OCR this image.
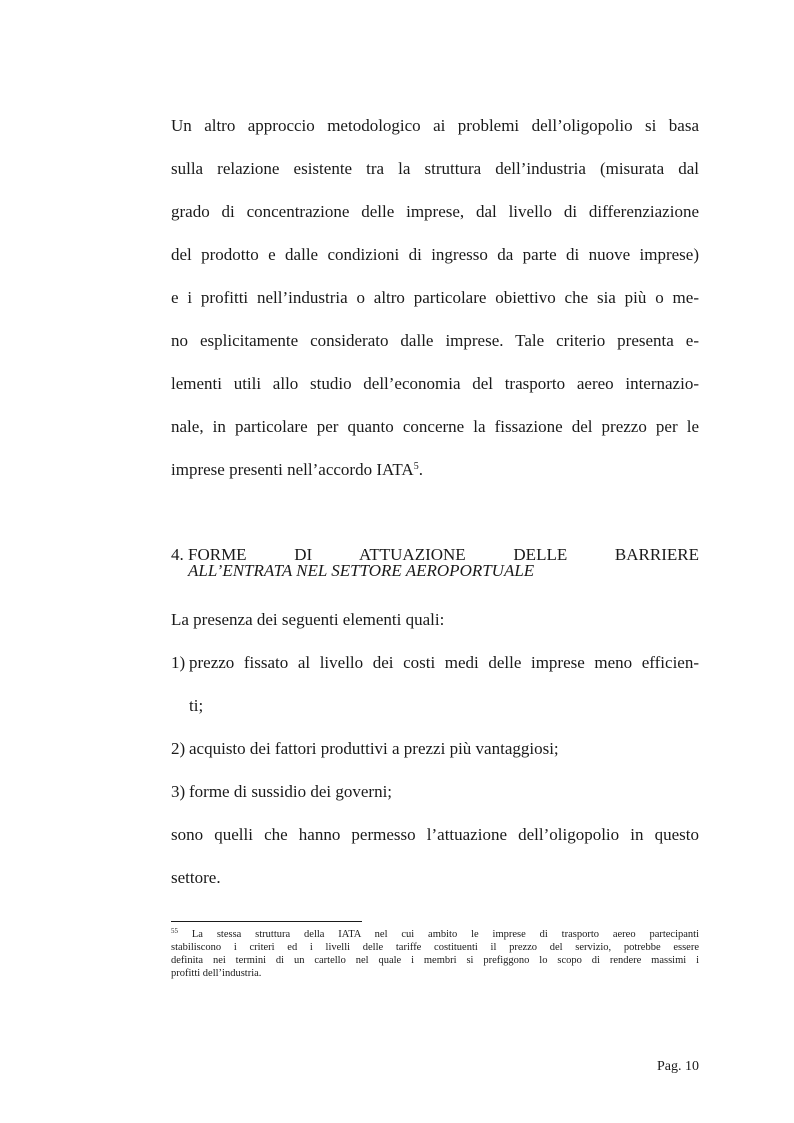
Un altro approccio metodologico ai problemi dell’oligopolio si basa
sulla relazione esistente tra la struttura dell’industria (misurata dal
grado di concentrazione delle imprese, dal livello di differenziazione
del prodotto e dalle condizioni di ingresso da parte di nuove imprese)
e i profitti nell’industria o altro particolare obiettivo che sia più o me-
no esplicitamente considerato dalle imprese. Tale criterio presenta e-
lementi utili allo studio dell’economia del trasporto aereo internazio-
nale, in particolare per quanto concerne la fissazione del prezzo per le
imprese presenti nell’accordo IATA$^5$.
4. FORME DI ATTUAZIONE DELLE BARRIERE
ALL’ENTRATA NEL SETTORE AEROPORTUALE
La presenza dei seguenti elementi quali:
1) prezzo fissato al livello dei costi medi delle imprese meno efficien-
ti;
2) acquisto dei fattori produttivi a prezzi più vantaggiosi;
3) forme di sussidio dei governi;
sono quelli che hanno permesso l’attuazione dell’oligopolio in questo
settore.
$^{55}$ La stessa struttura della IATA nel cui ambito le imprese di trasporto aereo partecipanti
stabiliscono i criteri ed i livelli delle tariffe costituenti il prezzo del servizio, potrebbe essere
definita nei termini di un cartello nel quale i membri si prefiggono lo scopo di rendere massimi i
profitti dell’industria.
Pag. 10
